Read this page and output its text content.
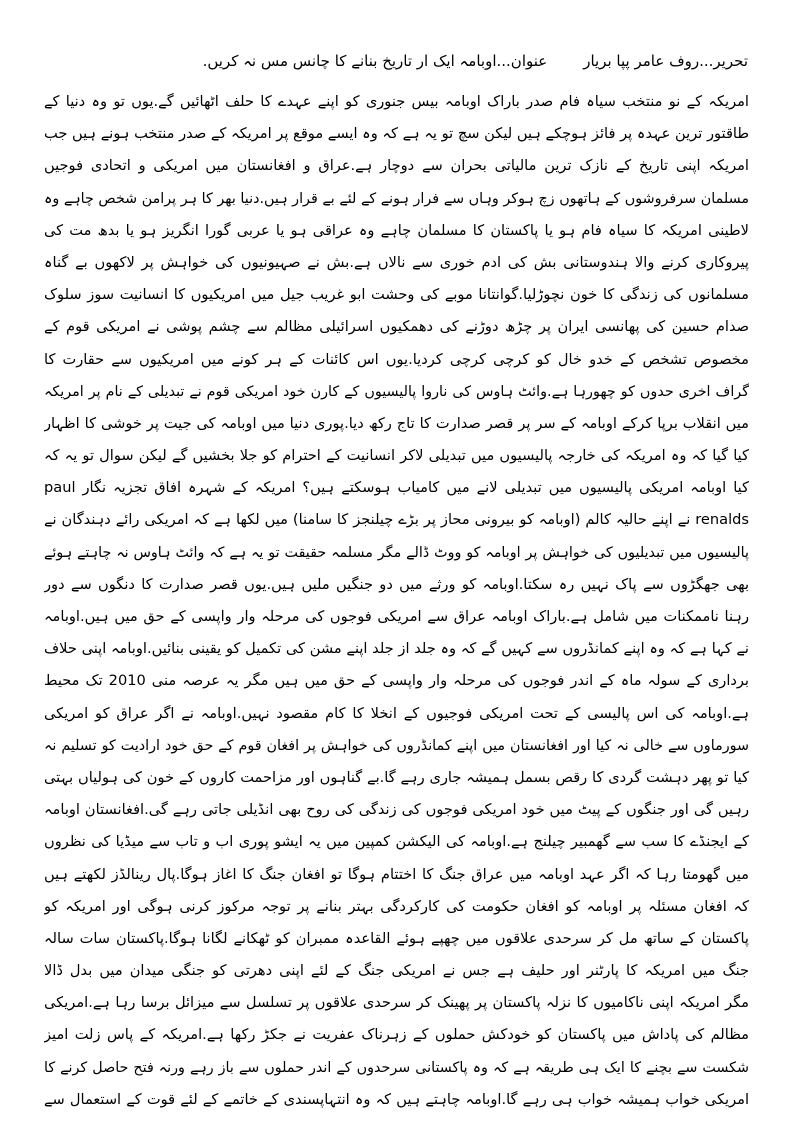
تحریر...روف عامر پپا بریار
عنوان...اوبامہ ایک ار تاریخ بنانے کا چانس مس نہ کریں.
امریکہ کے نو منتخب سیاہ فام صدر باراک اوبامہ بیس جنوری کو اپنے عہدے کا حلف اٹھائیں گے.یوں تو وہ دنیا کے
طاقتور ترین عہدہ پر فائز ہوچکے ہیں لیکن سچ تو یہ ہے کہ وہ ایسے موقع پر امریکہ کے صدر منتخب ہونے ہیں جب
امریکہ اپنی تاریخ کے نازک ترین مالیاتی بحران سے دوچار ہے.عراق و افغانستان میں امریکی و اتحادی فوجیں
مسلمان سرفروشوں کے ہاتھوں زچ ہوکر وہاں سے فرار ہونے کے لئے بے قرار ہیں.دنیا بھر کا ہر پرامن شخص چاہے وہ
لاطینی امریکہ کا سیاہ فام ہو یا پاکستان کا مسلمان چاہے وہ عراقی ہو یا عربی گورا انگریز ہو یا بدھ مت کی
پیروکاری کرنے والا ہندوستانی بش کی ادم خوری سے نالاں ہے.بش نے صہیونیوں کی خواہش پر لاکھوں بے گناہ
مسلمانوں کی زندگی کا خون نچوڑلیا.گوانتانا موبے کی وحشت ابو غریب جیل میں امریکیوں کا انسانیت سوز سلوک
صدام حسین کی پھانسی ایران پر چڑھ دوڑنے کی دھمکیوں اسرائیلی مظالم سے چشم پوشی نے امریکی قوم کے
مخصوص تشخص کے خدو خال کو کرچی کرچی کردیا.یوں اس کائنات کے ہر کونے میں امریکیوں سے حقارت کا
گراف اخری حدوں کو چھورہا ہے.وائٹ ہاوس کی ناروا پالیسیوں کے کارن خود امریکی قوم نے تبدیلی کے نام پر امریکہ
میں انقلاب برپا کرکے اوبامہ کے سر پر قصر صدارت کا تاج رکھ دیا.پوری دنیا میں اوبامہ کی جیت پر خوشی کا اظہار
کیا گیا کہ وہ امریکہ کی خارجہ پالیسیوں میں تبدیلی لاکر انسانیت کے احترام کو جلا بخشیں گے لیکن سوال تو یہ کہ
کیا اوبامہ امریکی پالیسیوں میں تبدیلی لانے میں کامیاب ہوسکتے ہیں؟ امریکہ کے شہرہ افاق تجزیہ نگار paul
renalds نے اپنے حالیہ کالم (اوبامہ کو بیرونی محاز پر بڑے چیلنجز کا سامنا) میں لکھا ہے کہ امریکی رائے دہندگان نے
پالیسیوں میں تبدیلیوں کی خواہش پر اوبامہ کو ووٹ ڈالے مگر مسلمہ حقیقت تو یہ ہے کہ وائٹ ہاوس نہ چاہتے ہوئے
بھی جھگڑوں سے پاک نہیں رہ سکتا.اوبامہ کو ورثے میں دو جنگیں ملیں ہیں.یوں قصر صدارت کا دنگوں سے دور
رہنا ناممکنات میں شامل ہے.باراک اوبامہ عراق سے امریکی فوجوں کی مرحلہ وار واپسی کے حق میں ہیں.اوبامہ
نے کہا ہے کہ وہ اپنے کمانڈروں سے کہیں گے کہ وہ جلد از جلد اپنے مشن کی تکمیل کو یقینی بنائیں.اوبامہ اپنی حلاف
برداری کے سولہ ماہ کے اندر فوجوں کی مرحلہ وار واپسی کے حق میں ہیں مگر یہ عرصہ منی 2010 تک محیط
ہے.اوبامہ کی اس پالیسی کے تحت امریکی فوجیوں کے انخلا کا کام مقصود نہیں.اوبامہ نے اگر عراق کو امریکی
سورماوں سے خالی نہ کیا اور افغانستان میں اپنے کمانڈروں کی خواہش پر افغان قوم کے حق خود ارادیت کو تسلیم نہ
کیا تو پھر دہشت گردی کا رقص بسمل ہمیشہ جاری رہے گا.بے گناہوں اور مزاحمت کاروں کے خون کی ہولیاں بہتی
رہیں گی اور جنگوں کے پیٹ میں خود امریکی فوجوں کی زندگی کی روح بھی انڈیلی جاتی رہے گی.افغانستان اوبامہ
کے ایجنڈے کا سب سے گھمبیر چیلنج ہے.اوبامہ کی الیکشن کمپین میں یہ ایشو پوری اب و تاب سے میڈیا کی نظروں
میں گھومتا رہا کہ اگر عہد اوبامہ میں عراق جنگ کا اختتام ہوگا تو افغان جنگ کا اغاز ہوگا.پال رینالڈز لکھتے ہیں
کہ افغان مسئلہ پر اوبامہ کو افغان حکومت کی کارکردگی بہتر بنانے پر توجہ مرکوز کرنی ہوگی اور امریکہ کو
پاکستان کے ساتھ مل کر سرحدی علاقوں میں چھپے ہوئے القاعدہ ممبران کو ٹھکانے لگانا ہوگا.پاکستان سات سالہ
جنگ میں امریکہ کا پارٹنر اور حلیف ہے جس نے امریکی جنگ کے لئے اپنی دھرتی کو جنگی میدان میں بدل ڈالا
مگر امریکہ اپنی ناکامیوں کا نزلہ پاکستان پر پھینک کر سرحدی علاقوں پر تسلسل سے میزائل برسا رہا ہے.امریکی
مظالم کی پاداش میں پاکستان کو خودکش حملوں کے زہرناک عفریت نے جکڑ رکھا ہے.امریکہ کے پاس زلت امیز
شکست سے بچنے کا ایک ہی طریقہ ہے کہ وہ پاکستانی سرحدوں کے اندر حملوں سے باز رہے ورنہ فتح حاصل کرنے کا
امریکی خواب ہمیشہ خواب ہی رہے گا.اوبامہ چاہتے ہیں کہ وہ انتہاپسندی کے خاتمے کے لئے قوت کے استعمال سے
